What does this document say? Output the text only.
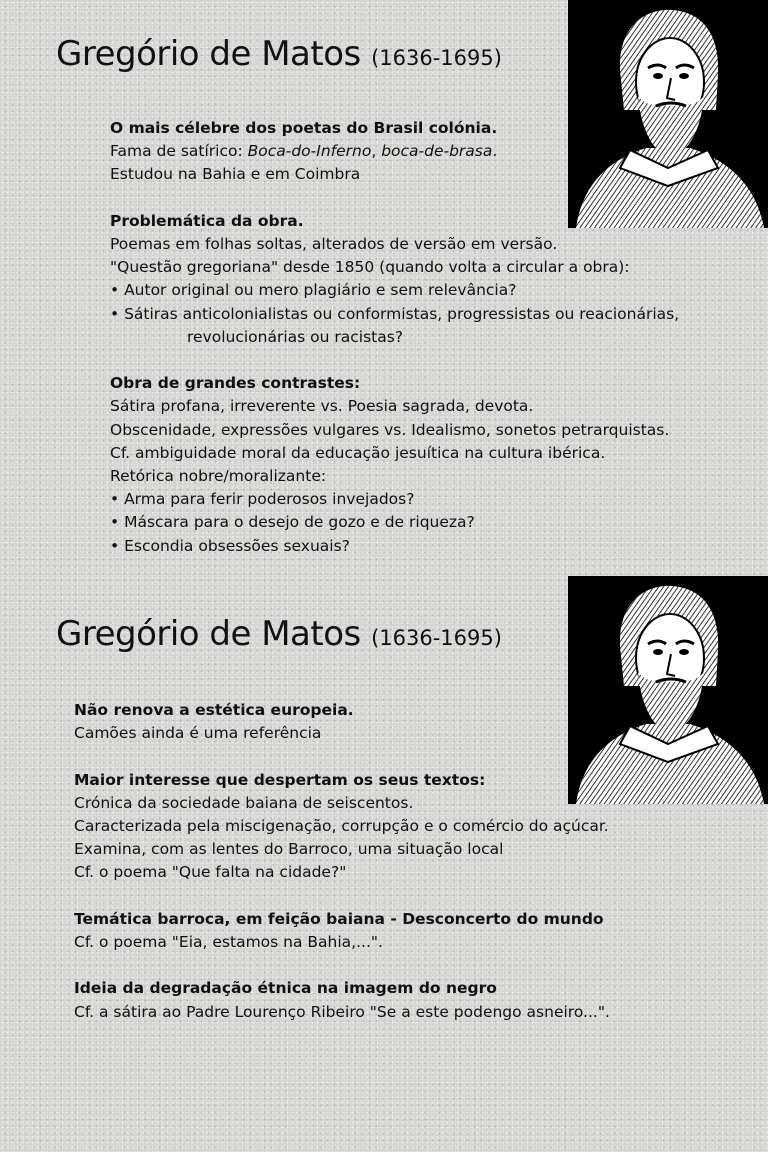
Gregório de Matos (1636-1695)

O mais célebre dos poetas do Brasil colónia.

Fama de satírico: Boca-do-Inferno, boca-de-brasa.

Estudou na Bahia e em Coimbra

Problemática da obra.

Poemas em folhas soltas, alterados de versão em versão.

"Questão gregoriana" desde 1850 (quando volta a circular a obra):

• Autor original ou mero plagiário e sem relevância?

• Sátiras anticolonialistas ou conformistas, progressistas ou reacionárias,

revolucionárias ou racistas?

Obra de grandes contrastes:

Sátira profana, irreverente vs. Poesia sagrada, devota.

Obscenidade, expressões vulgares vs. Idealismo, sonetos petrarquistas.

Cf. ambiguidade moral da educação jesuítica na cultura ibérica.

Retórica nobre/moralizante:

• Arma para ferir poderosos invejados?

• Máscara para o desejo de gozo e de riqueza?

• Escondia obsessões sexuais?

Gregório de Matos (1636-1695)

Não renova a estética europeia.

Camões ainda é uma referência

Maior interesse que despertam os seus textos:

Crónica da sociedade baiana de seiscentos.

Caracterizada pela miscigenação, corrupção e o comércio do açúcar.

Examina, com as lentes do Barroco, uma situação local

Cf. o poema "Que falta na cidade?"

Temática barroca, em feição baiana - Desconcerto do mundo

Cf. o poema "Eia, estamos na Bahia,...".

Ideia da degradação étnica na imagem do negro

Cf. a sátira ao Padre Lourenço Ribeiro "Se a este podengo asneiro...".
